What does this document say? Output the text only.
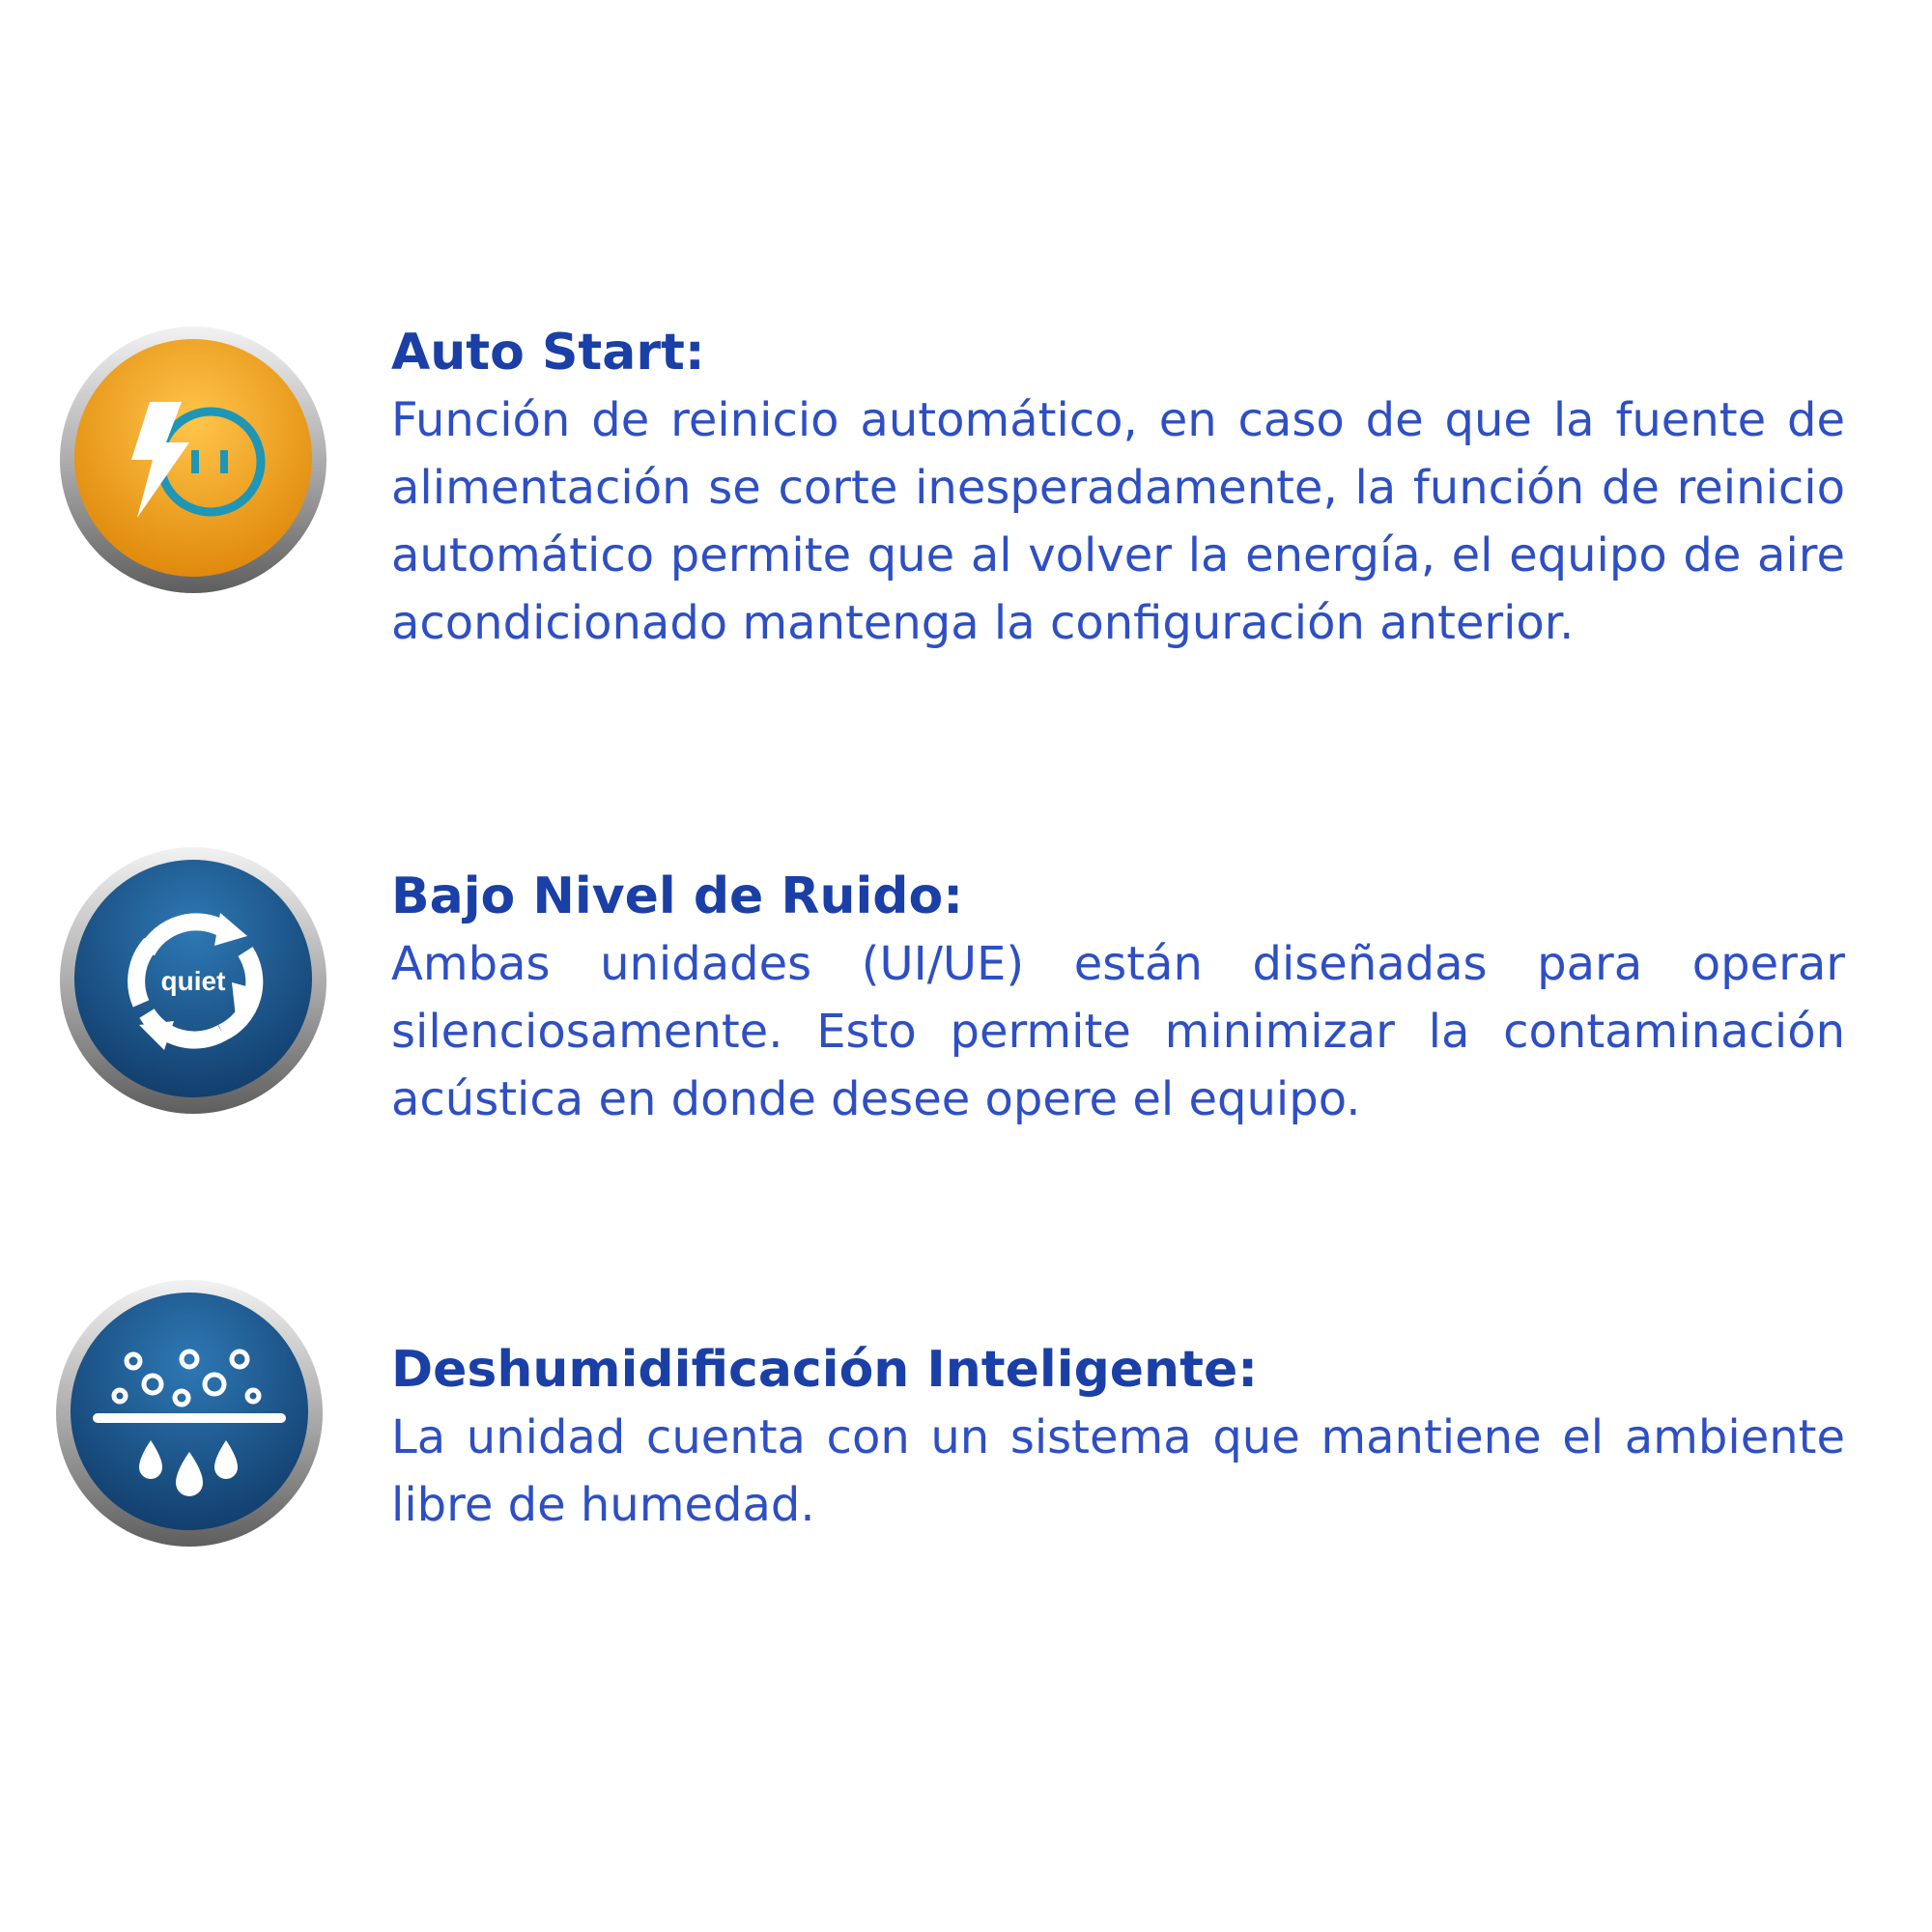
Auto Start:

Función de reinicio automático, en caso de que la fuente de alimentación se corte inesperadamente, la función de reinicio automático permite que al volver la energía, el equipo de aire acondicionado mantenga la configuración anterior.

quiet

Bajo Nivel de Ruido:

Ambas unidades (UI/UE) están diseñadas para operar silenciosamente. Esto permite minimizar la contaminación acústica en donde desee opere el equipo.

Deshumidificación Inteligente:

La unidad cuenta con un sistema que mantiene el ambiente libre de humedad.
